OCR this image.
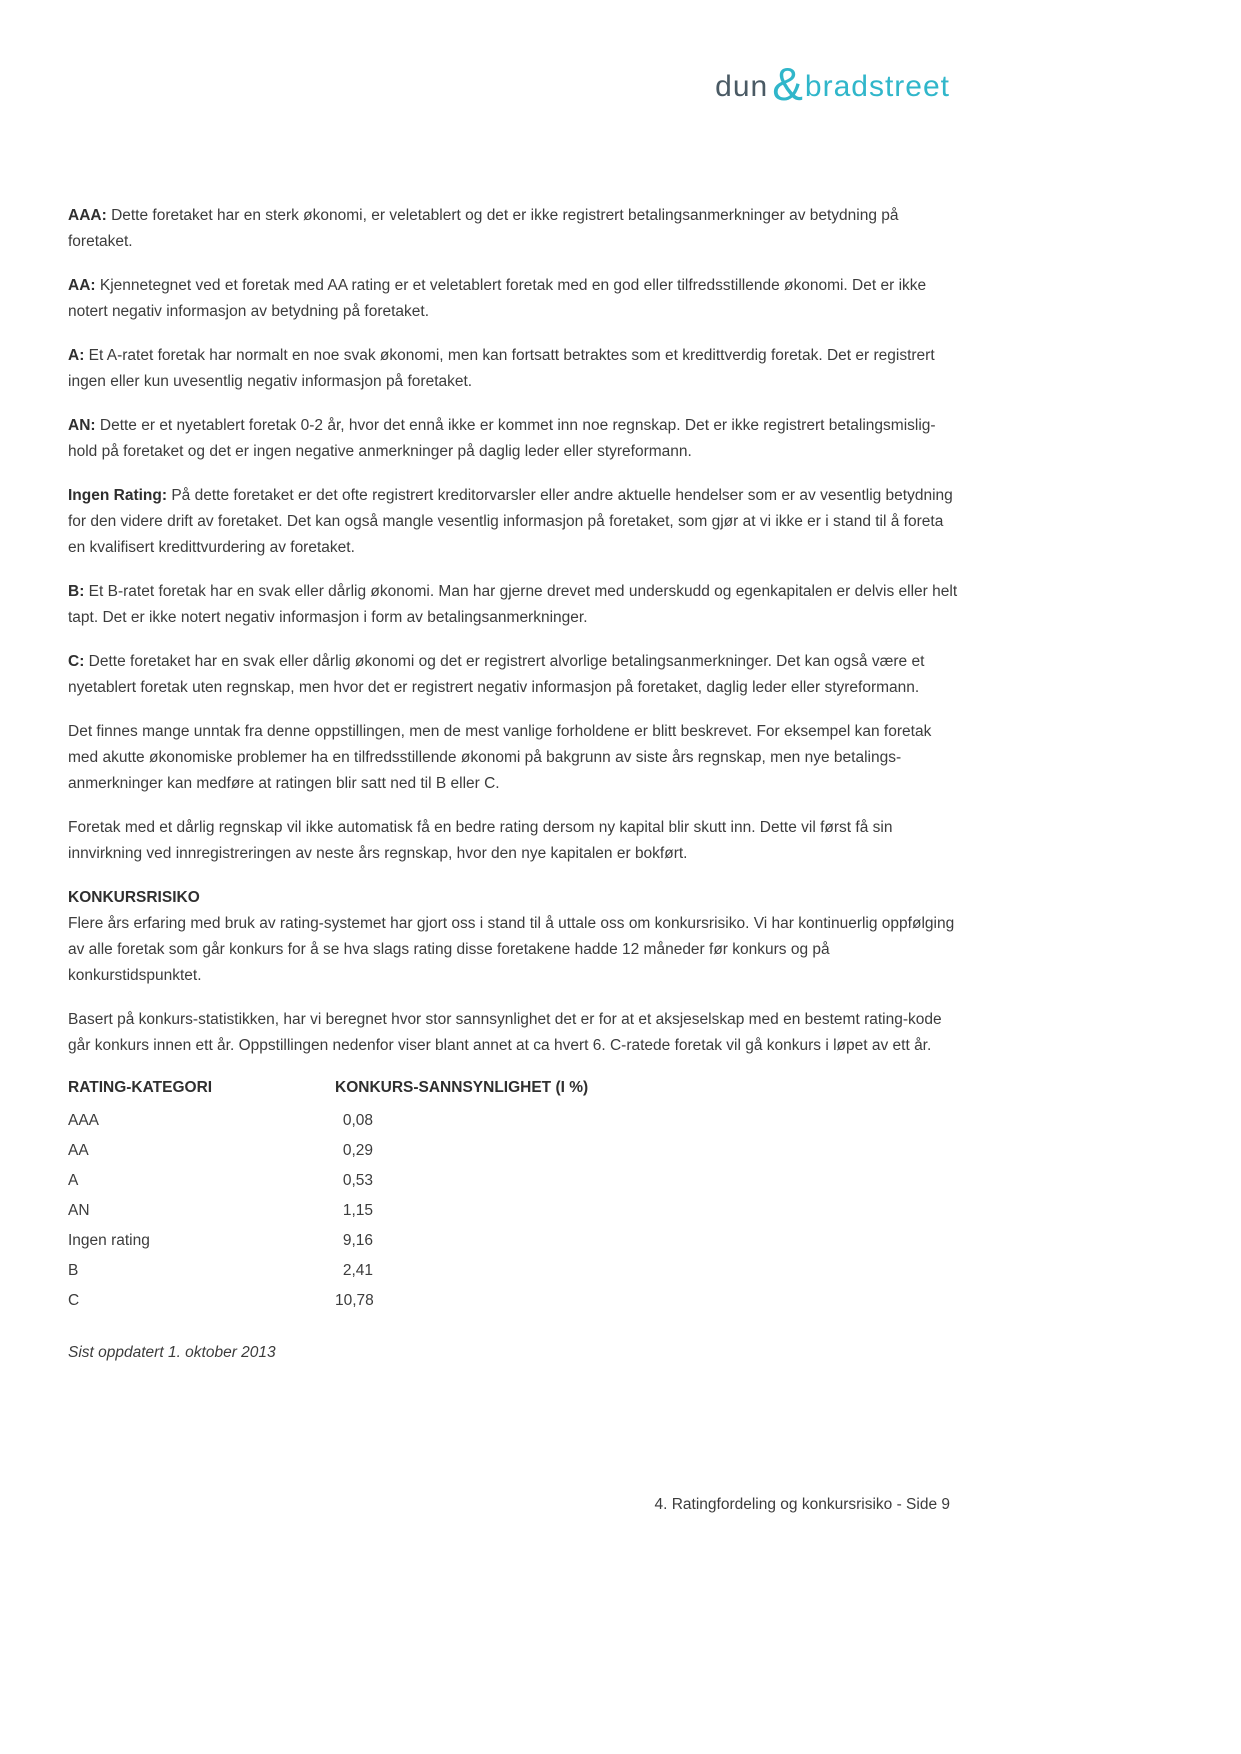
dun & bradstreet

AAA: Dette foretaket har en sterk økonomi, er veletablert og det er ikke registrert betalingsanmerkninger av betydning på foretaket.

AA: Kjennetegnet ved et foretak med AA rating er et veletablert foretak med en god eller tilfredsstillende økonomi. Det er ikke notert negativ informasjon av betydning på foretaket.

A: Et A-ratet foretak har normalt en noe svak økonomi, men kan fortsatt betraktes som et kredittverdig foretak. Det er registrert ingen eller kun uvesentlig negativ informasjon på foretaket.

AN: Dette er et nyetablert foretak 0-2 år, hvor det ennå ikke er kommet inn noe regnskap. Det er ikke registrert betalingsmislig- hold på foretaket og det er ingen negative anmerkninger på daglig leder eller styreformann.

Ingen Rating: På dette foretaket er det ofte registrert kreditorvarsler eller andre aktuelle hendelser som er av vesentlig betydning for den videre drift av foretaket. Det kan også mangle vesentlig informasjon på foretaket, som gjør at vi ikke er i stand til å foreta en kvalifisert kredittvurdering av foretaket.

B: Et B-ratet foretak har en svak eller dårlig økonomi. Man har gjerne drevet med underskudd og egenkapitalen er delvis eller helt tapt. Det er ikke notert negativ informasjon i form av betalingsanmerkninger.

C: Dette foretaket har en svak eller dårlig økonomi og det er registrert alvorlige betalingsanmerkninger. Det kan også være et nyetablert foretak uten regnskap, men hvor det er registrert negativ informasjon på foretaket, daglig leder eller styreformann.

Det finnes mange unntak fra denne oppstillingen, men de mest vanlige forholdene er blitt beskrevet. For eksempel kan foretak med akutte økonomiske problemer ha en tilfredsstillende økonomi på bakgrunn av siste års regnskap, men nye betalings- anmerkninger kan medføre at ratingen blir satt ned til B eller C.

Foretak med et dårlig regnskap vil ikke automatisk få en bedre rating dersom ny kapital blir skutt inn. Dette vil først få sin innvirkning ved innregistreringen av neste års regnskap, hvor den nye kapitalen er bokført.

KONKURSRISIKO

Flere års erfaring med bruk av rating-systemet har gjort oss i stand til å uttale oss om konkursrisiko. Vi har kontinuerlig oppfølging av alle foretak som går konkurs for å se hva slags rating disse foretakene hadde 12 måneder før konkurs og på konkurstidspunktet.

Basert på konkurs-statistikken, har vi beregnet hvor stor sannsynlighet det er for at et aksjeselskap med en bestemt rating-kode går konkurs innen ett år. Oppstillingen nedenfor viser blant annet at ca hvert 6. C-ratede foretak vil gå konkurs i løpet av ett år.

RATING-KATEGORI	KONKURS-SANNSYNLIGHET (I %)
AAA	0,08
AA	0,29
A	0,53
AN	1,15
Ingen rating	9,16
B	2,41
C	10,78

Sist oppdatert 1. oktober 2013

4. Ratingfordeling og konkursrisiko - Side 9
